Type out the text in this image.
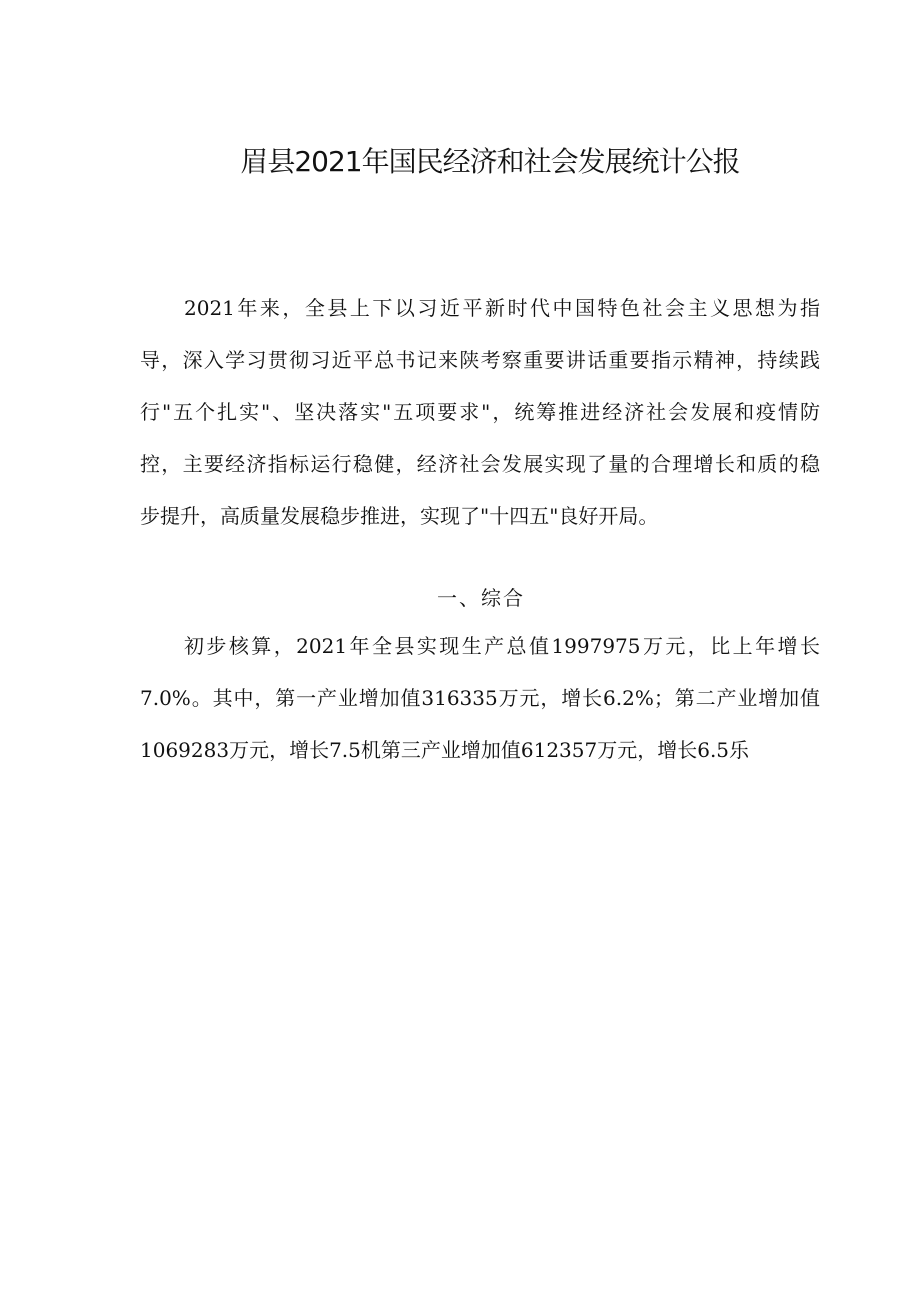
眉县2021年国民经济和社会发展统计公报
2021年来，全县上下以习近平新时代中国特色社会主义思想为指
导，深入学习贯彻习近平总书记来陕考察重要讲话重要指示精神，持续践
行"五个扎实"、坚决落实"五项要求"，统筹推进经济社会发展和疫情防
控，主要经济指标运行稳健，经济社会发展实现了量的合理增长和质的稳
步提升，高质量发展稳步推进，实现了"十四五"良好开局。
一、综合
初步核算，2021年全县实现生产总值1997975万元，比上年增长
7.0%。其中，第一产业增加值316335万元，增长6.2%；第二产业增加值
1069283万元，增长7.5机第三产业增加值612357万元，增长6.5乐
